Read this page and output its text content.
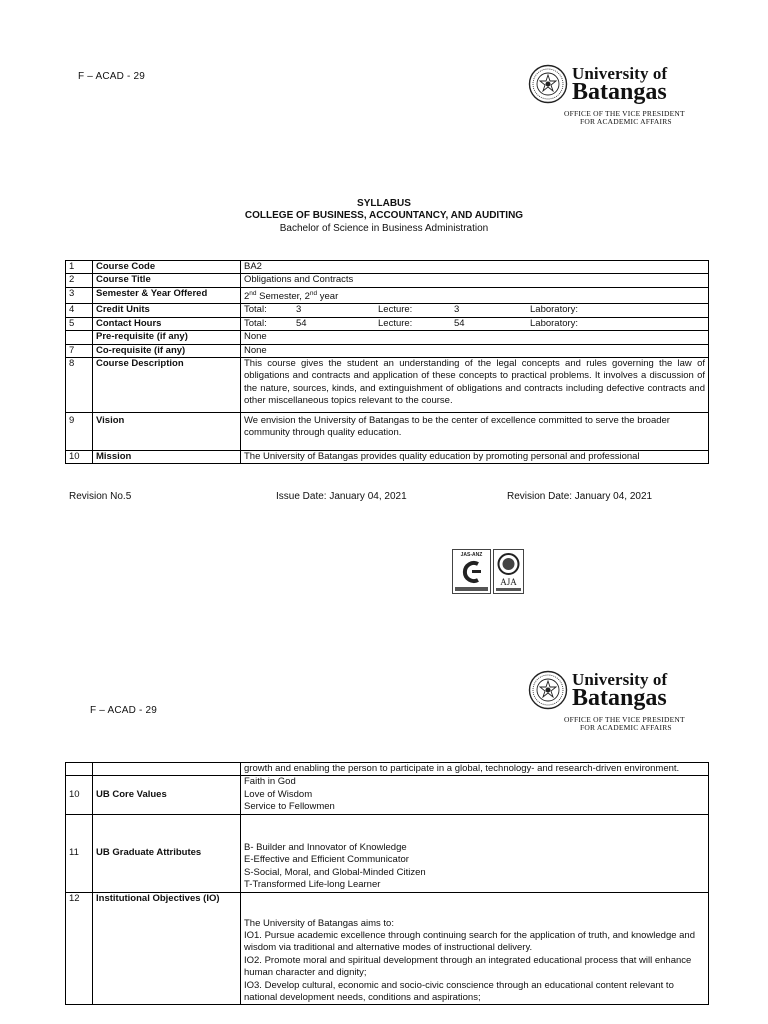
F – ACAD - 29	University of
Batangas
OFFICE OF THE VICE PRESIDENT
FOR ACADEMIC AFFAIRS
SYLLABUS
COLLEGE OF BUSINESS, ACCOUNTANCY, AND AUDITING
Bachelor of Science in Business Administration
1	Course Code	BA2
2	Course Title	Obligations and Contracts
3	Semester & Year Offered	2nd Semester, 2nd year
4	Credit Units	Total: 3 Lecture: 3 Laboratory:

5	Contact Hours	Total: 54 Lecture: 54 Laboratory:

	Pre-requisite (if any)	None
7	Co-requisite (if any)	None
8	Course Description	This course gives the student an understanding of the legal concepts and rules governing the law of obligations and contracts and application of these concepts to practical problems. It involves a discussion of the nature, sources, kinds, and extinguishment of obligations and contracts including defective contracts and other miscellaneous topics relevant to the course.
9	Vision	We envision the University of Batangas to be the center of excellence committed to serve the broader community through quality education.
10	Mission	The University of Batangas provides quality education by promoting personal and professional
Revision No.5	Issue Date: January 04, 2021	Revision Date: January 04, 2021
JAS-ANZ
AJA
University of
Batangas
OFFICE OF THE VICE PRESIDENT
FOR ACADEMIC AFFAIRS
F – ACAD - 29
		growth and enabling the person to participate in a global, technology- and research-driven environment.
10	UB Core Values	Faith in God
Love of Wisdom
Service to Fellowmen

11	UB Graduate Attributes	B- Builder and Innovator of Knowledge
E-Effective and Efficient Communicator
S-Social, Moral, and Global-Minded Citizen
T-Transformed Life-long Learner

12	Institutional Objectives (IO)	The University of Batangas aims to:
IO1. Pursue academic excellence through continuing search for the application of truth, and knowledge and wisdom via traditional and alternative modes of instructional delivery.
IO2. Promote moral and spiritual development through an integrated educational process that will enhance human character and dignity;
IO3. Develop cultural, economic and socio-civic conscience through an educational content relevant to national development needs, conditions and aspirations;
